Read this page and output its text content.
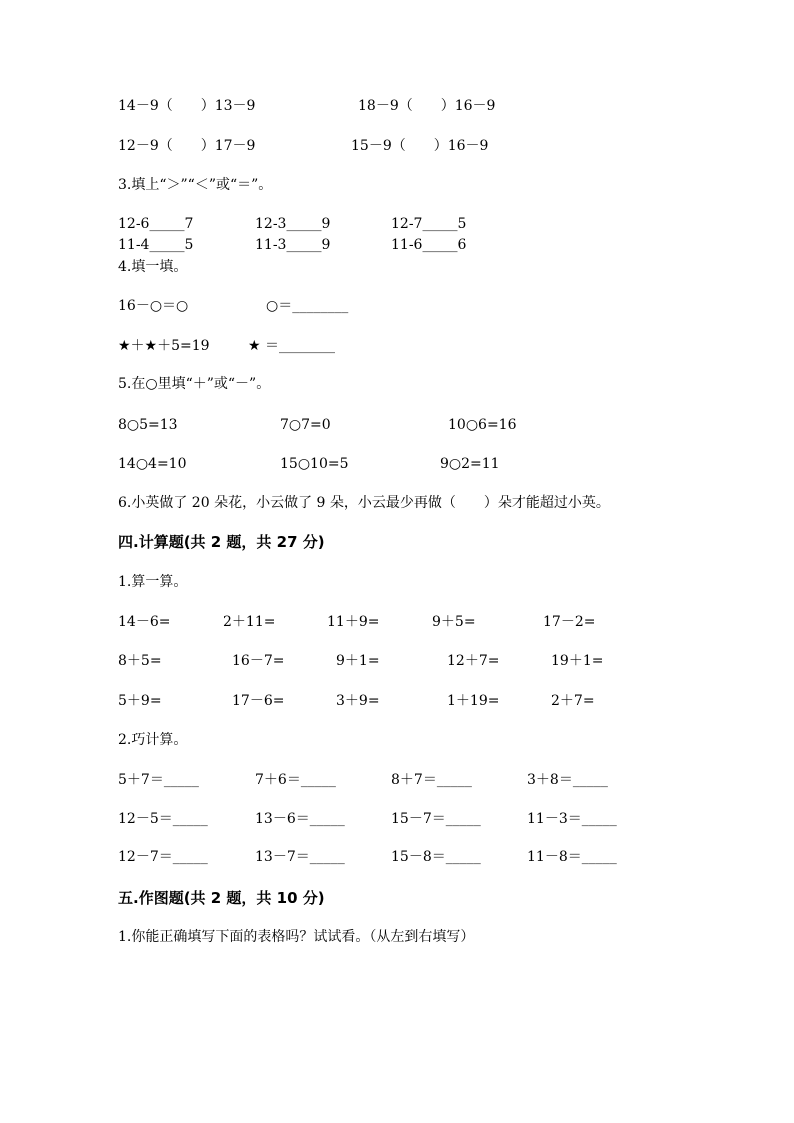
14－9（　　）13－9	18－9（　　）16－9
12－9（　　）17－9	15－9（　　）16－9
3.填上“＞”“＜”或“＝”。
12-6_____7	12-3_____9	12-7_____5
11-4_____5	11-3_____9	11-6_____6
4.填一填。
16－○＝○	○＝________
★＋★＋5=19	★ ＝________
5.在○里填“＋”或“－”。
8○5=13	7○7=0	10○6=16
14○4=10	15○10=5	9○2=11
6.小英做了 20 朵花，小云做了 9 朵，小云最少再做（　　）朵才能超过小英。
四.计算题(共 2 题，共 27 分)
1.算一算。
14－6=	2＋11=	11＋9=	9＋5=	17－2=
8＋5=	16－7=	9＋1=	12＋7=	19＋1=
5＋9=	17－6=	3＋9=	1＋19=	2＋7=
2.巧计算。
5＋7＝_____	7＋6＝_____	8＋7＝_____	3＋8＝_____
12－5＝_____	13－6＝_____	15－7＝_____	11－3＝_____
12－7＝_____	13－7＝_____	15－8＝_____	11－8＝_____
五.作图题(共 2 题，共 10 分)
1.你能正确填写下面的表格吗？试试看。（从左到右填写）
